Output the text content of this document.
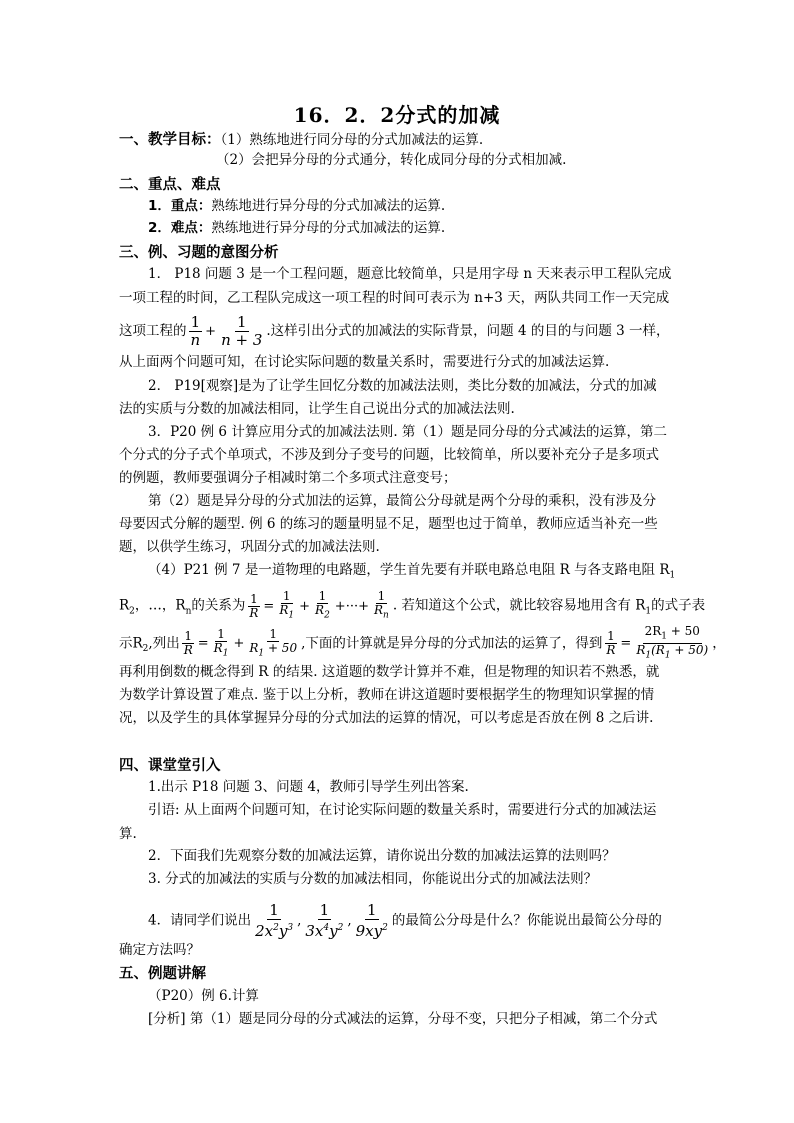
16．2．2分式的加减
一、教学目标：（1）熟练地进行同分母的分式加减法的运算.
（2）会把异分母的分式通分，转化成同分母的分式相加减.
二、重点、难点
1．重点：熟练地进行异分母的分式加减法的运算.
2．难点：熟练地进行异分母的分式加减法的运算.
三、例、习题的意图分析
1． P18 问题 3 是一个工程问题，题意比较简单，只是用字母 n 天来表示甲工程队完成
一项工程的时间，乙工程队完成这一项工程的时间可表示为 n+3 天，两队共同工作一天完成
这项工程的 $\frac{1}{n} + \frac{1}{n + 3}$ .这样引出分式的加减法的实际背景，问题 4 的目的与问题 3 一样，
从上面两个问题可知，在讨论实际问题的数量关系时，需要进行分式的加减法运算.
2． P19[观察]是为了让学生回忆分数的加减法法则，类比分数的加减法，分式的加减
法的实质与分数的加减法相同，让学生自己说出分式的加减法法则.
3．P20 例 6 计算应用分式的加减法法则. 第（1）题是同分母的分式减法的运算，第二
个分式的分子式个单项式，不涉及到分子变号的问题，比较简单，所以要补充分子是多项式
的例题，教师要强调分子相减时第二个多项式注意变号；
第（2）题是异分母的分式加法的运算，最简公分母就是两个分母的乘积，没有涉及分
母要因式分解的题型. 例 6 的练习的题量明显不足，题型也过于简单，教师应适当补充一些
题，以供学生练习，巩固分式的加减法法则.
（4）P21 例 7 是一道物理的电路题，学生首先要有并联电路总电阻 R 与各支路电阻 $R_1$
$R_2$，…，$R_n$的关系为 $\frac{1}{R} = \frac{1}{R_1} + \frac{1}{R_2}$ +···+ $\frac{1}{R_n}$ . 若知道这个公式，就比较容易地用含有 $R_1$的式子表
示$R_2$,列出 $\frac{1}{R} = \frac{1}{R_1} + \frac{1}{R_1 + 50}$ ,下面的计算就是异分母的分式加法的运算了，得到 $\frac{1}{R} = \frac{2R_1 + 50}{R_1(R_1 + 50)}$ ，
再利用倒数的概念得到 R 的结果. 这道题的数学计算并不难，但是物理的知识若不熟悉，就
为数学计算设置了难点. 鉴于以上分析，教师在讲这道题时要根据学生的物理知识掌握的情
况，以及学生的具体掌握异分母的分式加法的运算的情况，可以考虑是否放在例 8 之后讲.
四、课堂堂引入
1.出示 P18 问题 3、问题 4，教师引导学生列出答案.
引语: 从上面两个问题可知，在讨论实际问题的数量关系时，需要进行分式的加减法运
算.
2．下面我们先观察分数的加减法运算，请你说出分数的加减法运算的法则吗？
3. 分式的加减法的实质与分数的加减法相同，你能说出分式的加减法法则？
4．请同学们说出 $\frac{1}{2x^2y^3}$ , $\frac{1}{3x^4y^2}$ , $\frac{1}{9xy^2}$ 的最简公分母是什么？你能说出最简公分母的
确定方法吗？
五、例题讲解
（P20）例 6.计算
[分析] 第（1）题是同分母的分式减法的运算，分母不变，只把分子相减，第二个分式
